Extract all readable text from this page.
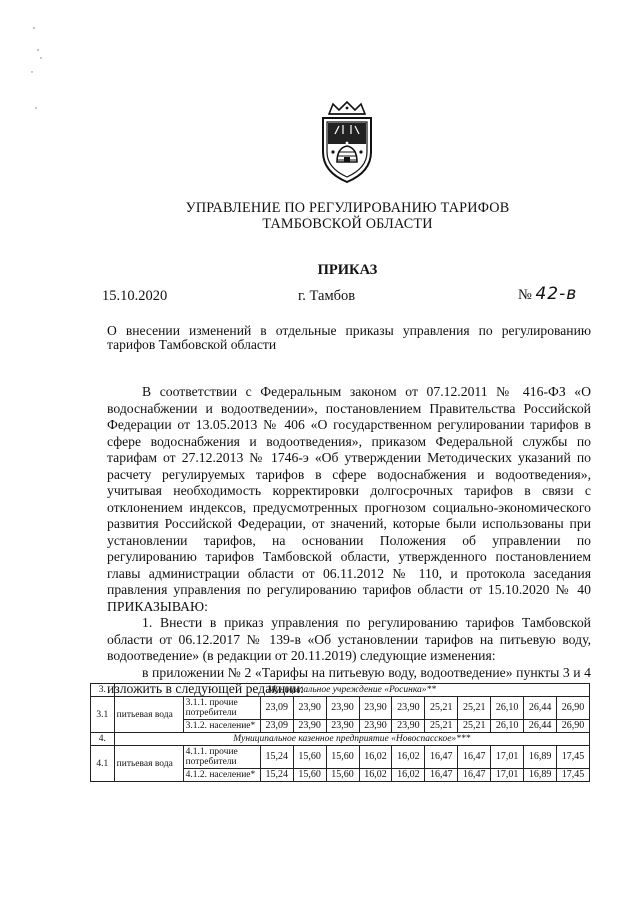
УПРАВЛЕНИЕ ПО РЕГУЛИРОВАНИЮ ТАРИФОВ
ТАМБОВСКОЙ ОБЛАСТИ
ПРИКАЗ
15.10.2020	г. Тамбов	№ 42-в
О внесении изменений в отдельные приказы управления по регулированию
тарифов Тамбовской области

В соответствии с Федеральным законом от 07.12.2011 № 416-ФЗ «О водоснабжении и водоотведении», постановлением Правительства Российской Федерации от 13.05.2013 № 406 «О государственном регулировании тарифов в сфере водоснабжения и водоотведения», приказом Федеральной службы по тарифам от 27.12.2013 № 1746-э «Об утверждении Методических указаний по расчету регулируемых тарифов в сфере водоснабжения и водоотведения», учитывая необходимость корректировки долгосрочных тарифов в связи с отклонением индексов, предусмотренных прогнозом социально-экономического развития Российской Федерации, от значений, которые были использованы при установлении тарифов, на основании Положения об управлении по регулированию тарифов Тамбовской области, утвержденного постановлением главы администрации области от 06.11.2012 № 110, и протокола заседания правления управления по регулированию тарифов области от 15.10.2020 № 40 ПРИКАЗЫВАЮ:

1. Внести в приказ управления по регулированию тарифов Тамбовской области от 06.12.2017 № 139-в «Об установлении тарифов на питьевую воду, водоотведение» (в редакции от 20.11.2019) следующие изменения:

в приложении № 2 «Тарифы на питьевую воду, водоотведение» пункты 3 и 4 изложить в следующей редакции:

3.	Муниципальное учреждение «Росинка»**											
3.1	питьевая вода	3.1.1. прочие потребители	23,09	23,90	23,90	23,90	23,90	25,21	25,21	26,10	26,44	26,90
		3.1.2. население*	23,09	23,90	23,90	23,90	23,90	25,21	25,21	26,10	26,44	26,90
4.	Муниципальное казенное предприятие «Новоспасское»***											
4.1	питьевая вода	4.1.1. прочие потребители	15,24	15,60	15,60	16,02	16,02	16,47	16,47	17,01	16,89	17,45
		4.1.2. население*	15,24	15,60	15,60	16,02	16,02	16,47	16,47	17,01	16,89	17,45
